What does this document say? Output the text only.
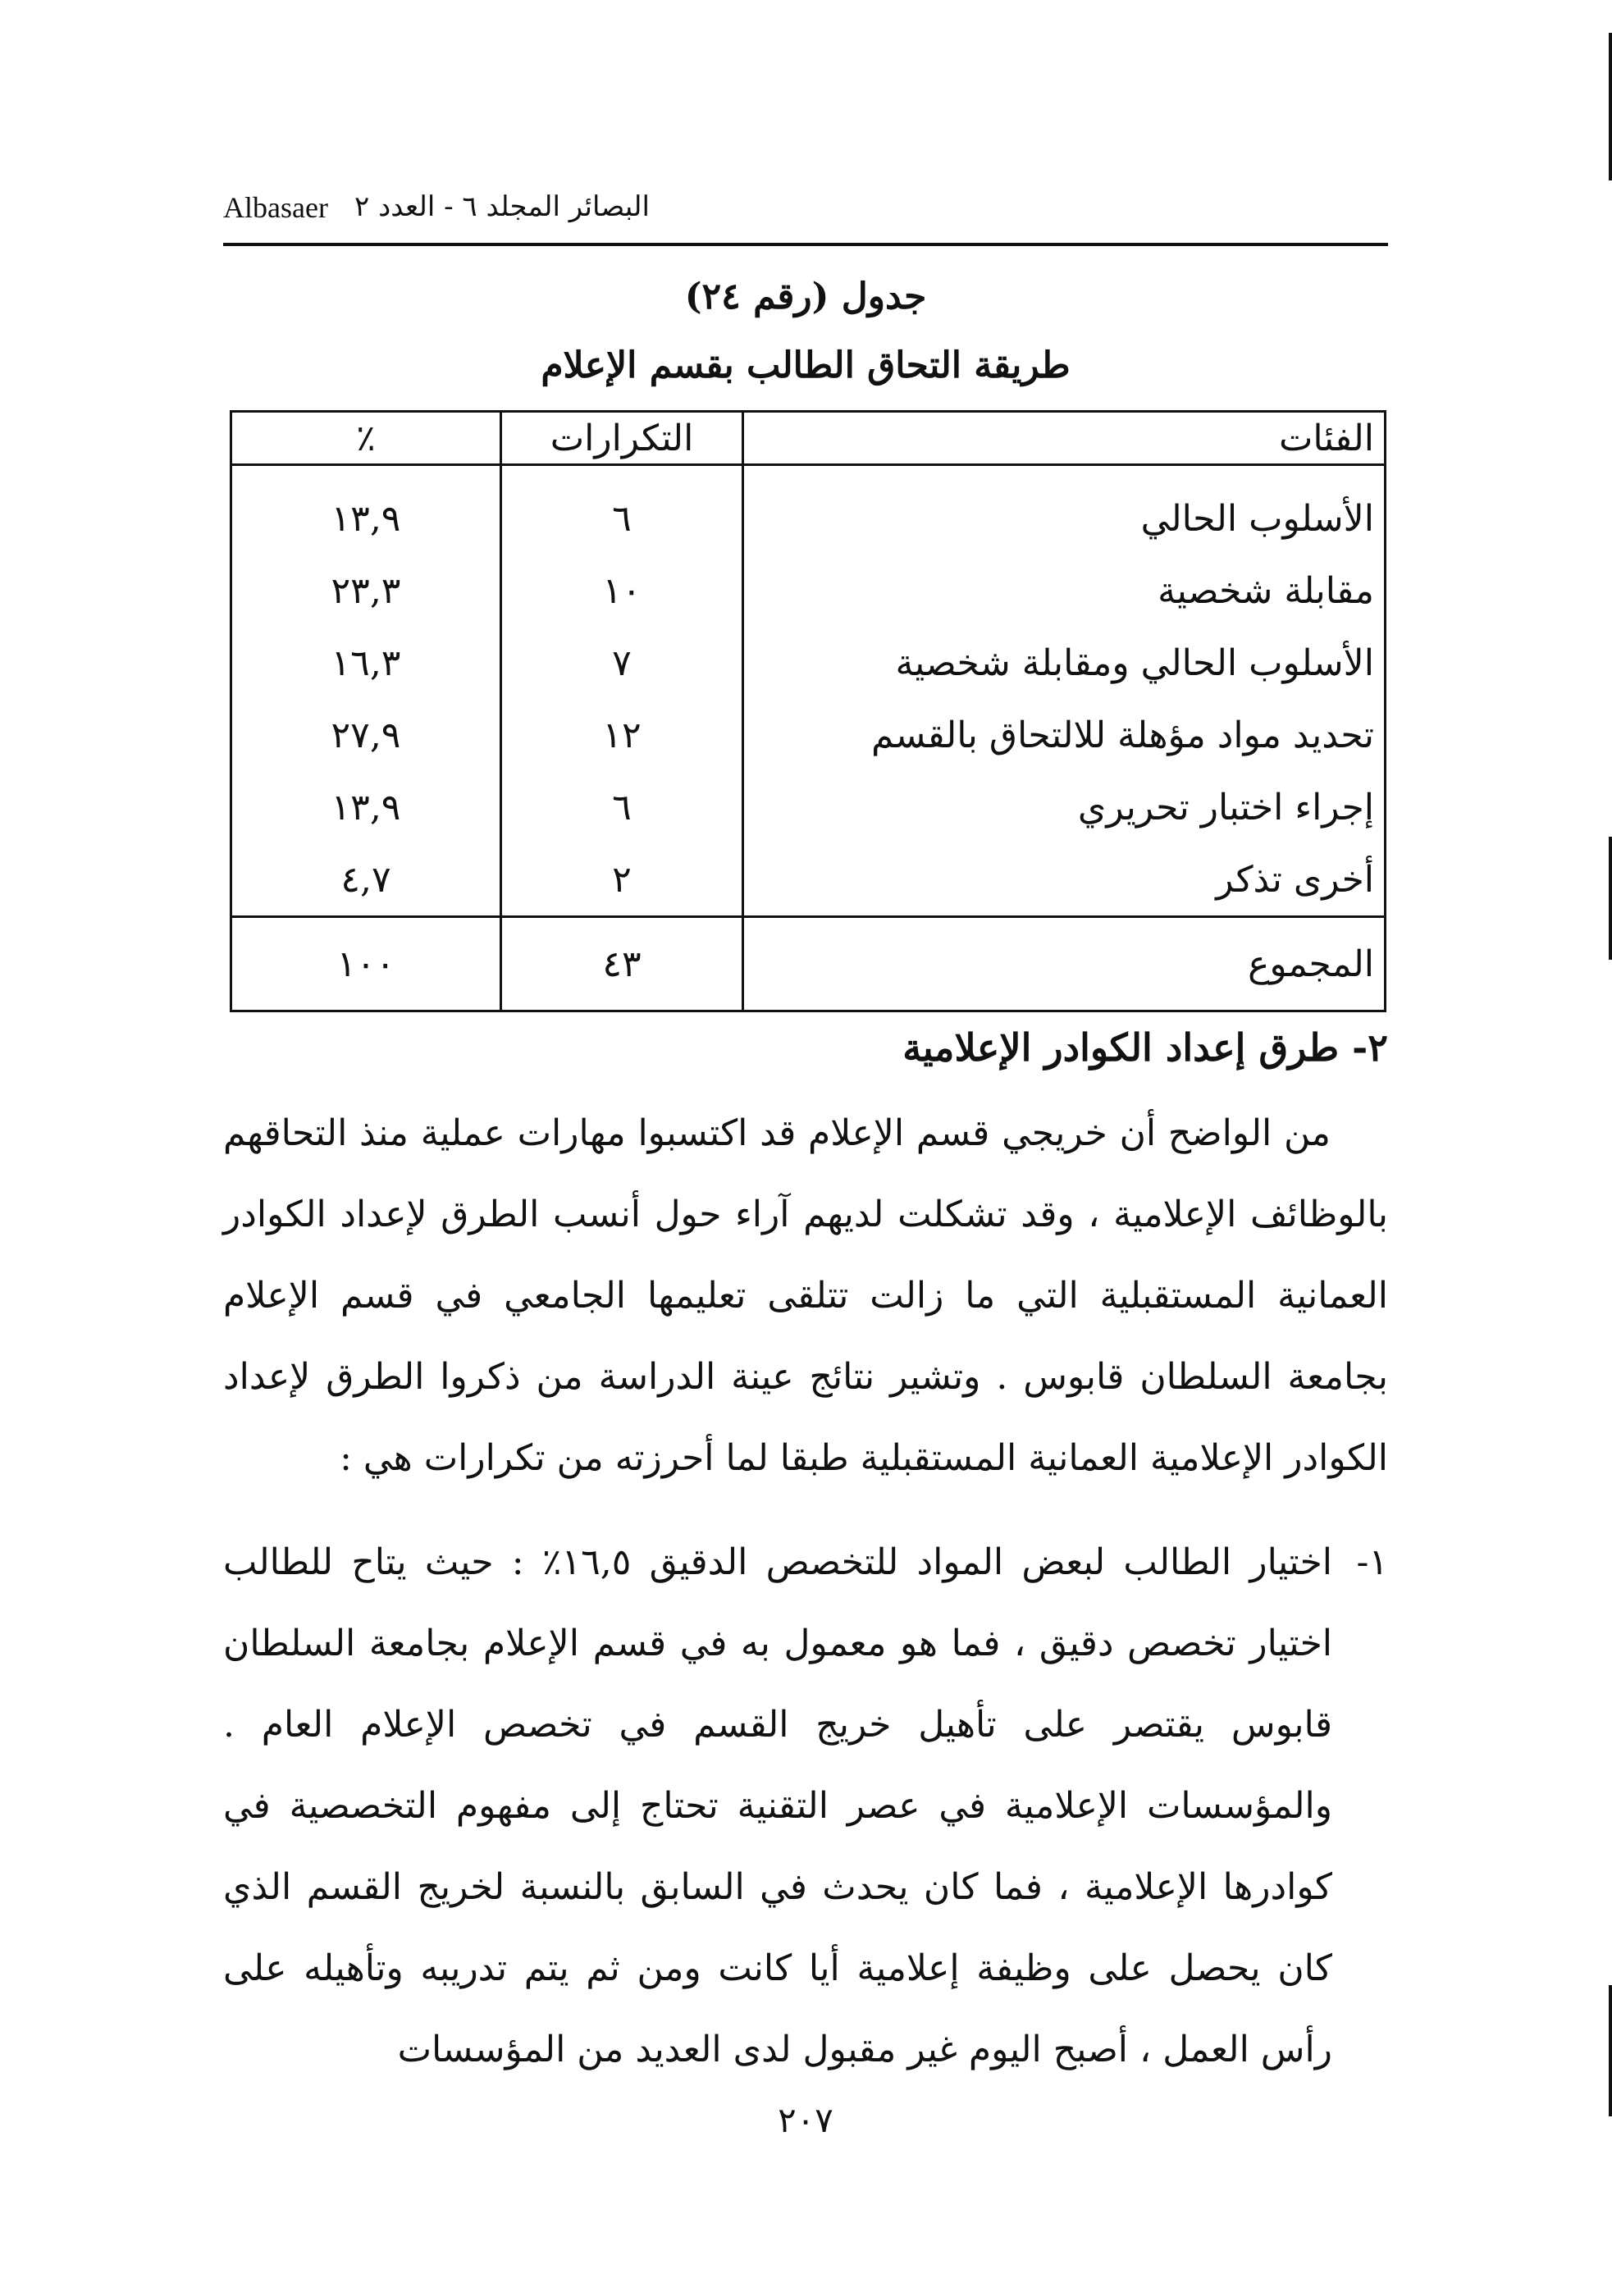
Albasaer البصائر المجلد ٦ - العدد ٢
جدول (رقم ٢٤)
طريقة التحاق الطالب بقسم الإعلام
الفئات	التكرارات	٪
الأسلوب الحالي	٦	١٣,٩
مقابلة شخصية	١٠	٢٣,٣
الأسلوب الحالي ومقابلة شخصية	٧	١٦,٣
تحديد مواد مؤهلة للالتحاق بالقسم	١٢	٢٧,٩
إجراء اختبار تحريري	٦	١٣,٩
أخرى تذكر	٢	٤,٧
المجموع	٤٣	١٠٠
٢- طرق إعداد الكوادر الإعلامية

من الواضح أن خريجي قسم الإعلام قد اكتسبوا مهارات عملية منذ التحاقهم بالوظائف الإعلامية ، وقد تشكلت لديهم آراء حول أنسب الطرق لإعداد الكوادر العمانية المستقبلية التي ما زالت تتلقى تعليمها الجامعي في قسم الإعلام بجامعة السلطان قابوس . وتشير نتائج عينة الدراسة من ذكروا الطرق لإعداد الكوادر الإعلامية العمانية المستقبلية طبقا لما أحرزته من تكرارات هي :

١-

اختيار الطالب لبعض المواد للتخصص الدقيق ١٦,٥٪ : حيث يتاح للطالب اختيار تخصص دقيق ، فما هو معمول به في قسم الإعلام بجامعة السلطان قابوس يقتصر على تأهيل خريج القسم في تخصص الإعلام العام . والمؤسسات الإعلامية في عصر التقنية تحتاج إلى مفهوم التخصصية في كوادرها الإعلامية ، فما كان يحدث في السابق بالنسبة لخريج القسم الذي كان يحصل على وظيفة إعلامية أيا كانت ومن ثم يتم تدريبه وتأهيله على رأس العمل ، أصبح اليوم غير مقبول لدى العديد من المؤسسات

٢٠٧
